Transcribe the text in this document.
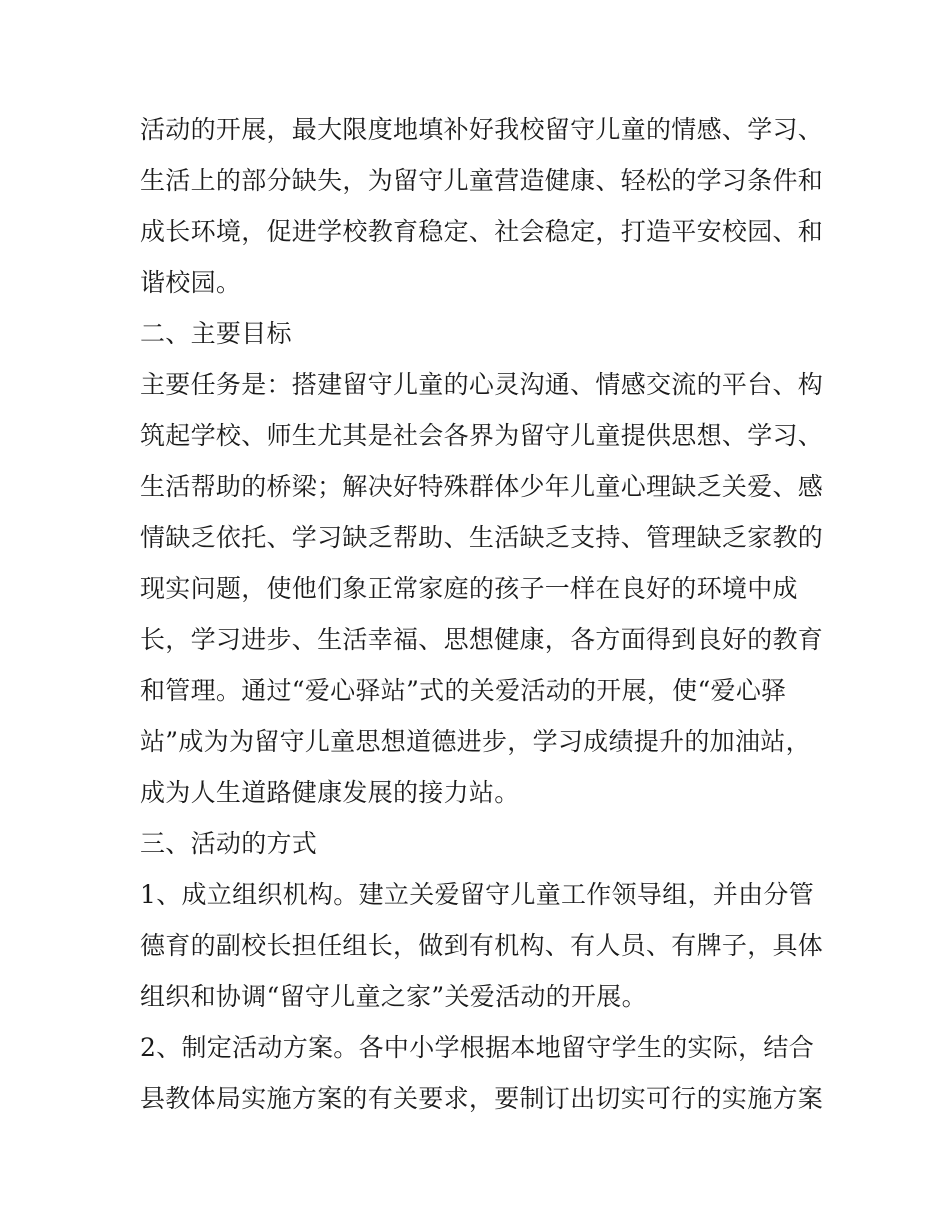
活动的开展，最大限度地填补好我校留守儿童的情感、学习、
生活上的部分缺失，为留守儿童营造健康、轻松的学习条件和
成长环境，促进学校教育稳定、社会稳定，打造平安校园、和
谐校园。
二、主要目标
主要任务是：搭建留守儿童的心灵沟通、情感交流的平台、构
筑起学校、师生尤其是社会各界为留守儿童提供思想、学习、
生活帮助的桥梁；解决好特殊群体少年儿童心理缺乏关爱、感
情缺乏依托、学习缺乏帮助、生活缺乏支持、管理缺乏家教的
现实问题，使他们象正常家庭的孩子一样在良好的环境中成
长，学习进步、生活幸福、思想健康，各方面得到良好的教育
和管理。通过“爱心驿站”式的关爱活动的开展，使“爱心驿
站”成为为留守儿童思想道德进步，学习成绩提升的加油站，
成为人生道路健康发展的接力站。
三、活动的方式
1、成立组织机构。建立关爱留守儿童工作领导组，并由分管
德育的副校长担任组长，做到有机构、有人员、有牌子，具体
组织和协调“留守儿童之家”关爱活动的开展。
2、制定活动方案。各中小学根据本地留守学生的实际，结合
县教体局实施方案的有关要求，要制订出切实可行的实施方案
